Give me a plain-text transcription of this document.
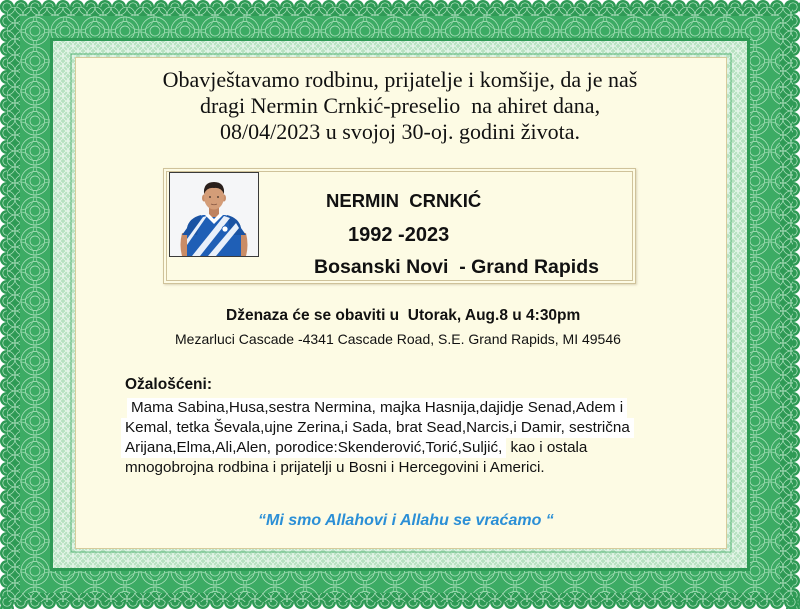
Obavještavamo rodbinu, prijatelje i komšije, da je naš
dragi Nermin Crnkić-preselio  na ahiret dana,
08/04/2023 u svojoj 30-oj. godini života.
NERMIN  CRNKIĆ
1992 -2023
Bosanski Novi  - Grand Rapids
Dženaza će se obaviti u  Utorak, Aug.8 u 4:30pm
Mezarluci Cascade -4341 Cascade Road, S.E. Grand Rapids, MI 49546
Ožalošćeni:
Mama Sabina,Husa,sestra Nermina, majka Hasnija,dajidje Senad,Adem i
Kemal, tetka Ševala,ujne Zerina,i Sada, brat Sead,Narcis,i Damir, sestrična
Arijana,Elma,Ali,Alen, porodice:Skenderović,Torić,Suljić, kao i ostala
mnogobrojna rodbina i prijatelji u Bosni i Hercegovini i Americi.
“Mi smo Allahovi i Allahu se vraćamo “
